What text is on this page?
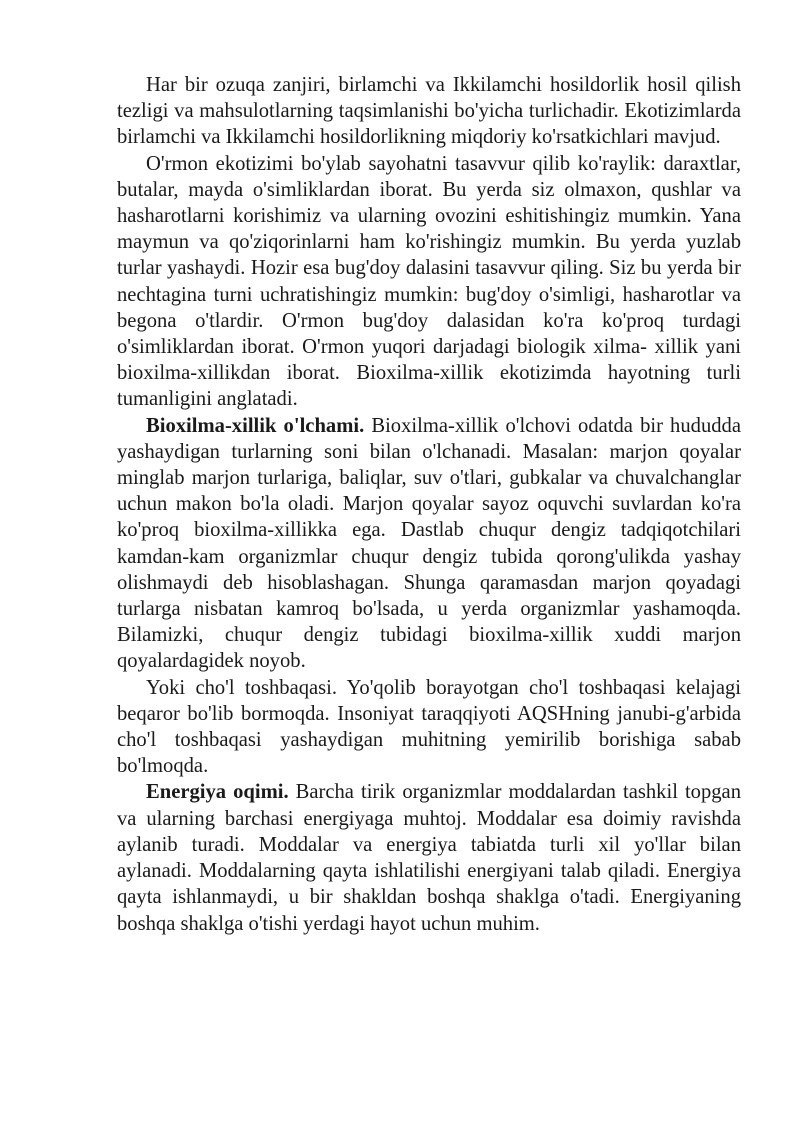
Har bir ozuqa zanjiri, birlamchi va Ikkilamchi hosildorlik hosil qilish tezligi va mahsulotlarning taqsimlanishi bo'yicha turlichadir. Ekotizimlarda birlamchi va Ikkilamchi hosildorlikning miqdoriy ko'rsatkichlari mavjud.

O'rmon ekotizimi bo'ylab sayohatni tasavvur qilib ko'raylik: daraxtlar, butalar, mayda o'simliklardan iborat. Bu yerda siz olmaxon, qushlar va hasharotlarni korishimiz va ularning ovozini eshitishingiz mumkin. Yana maymun va qo'ziqorinlarni ham ko'rishingiz mumkin. Bu yerda yuzlab turlar yashaydi. Hozir esa bug'doy dalasini tasavvur qiling. Siz bu yerda bir nechtagina turni uchratishingiz mumkin: bug'doy o'simligi, hasharotlar va begona o'tlardir. O'rmon bug'doy dalasidan ko'ra ko'proq turdagi o'simliklardan iborat. O'rmon yuqori darjadagi biologik xilma- xillik yani bioxilma-xillikdan iborat. Bioxilma-xillik ekotizimda hayotning turli tumanligini anglatadi.

Bioxilma-xillik o'lchami. Bioxilma-xillik o'lchovi odatda bir hududda yashaydigan turlarning soni bilan o'lchanadi. Masalan: marjon qoyalar minglab marjon turlariga, baliqlar, suv o'tlari, gubkalar va chuvalchanglar uchun makon bo'la oladi. Marjon qoyalar sayoz oquvchi suvlardan ko'ra ko'proq bioxilma-xillikka ega. Dastlab chuqur dengiz tadqiqotchilari kamdan-kam organizmlar chuqur dengiz tubida qorong'ulikda yashay olishmaydi deb hisoblashagan. Shunga qaramasdan marjon qoyadagi turlarga nisbatan kamroq bo'lsada, u yerda organizmlar yashamoqda. Bilamizki, chuqur dengiz tubidagi bioxilma-xillik xuddi marjon qoyalardagidek noyob.

Yoki cho'l toshbaqasi. Yo'qolib borayotgan cho'l toshbaqasi kelajagi beqaror bo'lib bormoqda. Insoniyat taraqqiyoti AQSHning janubi-g'arbida cho'l toshbaqasi yashaydigan muhitning yemirilib borishiga sabab bo'lmoqda.

Energiya oqimi. Barcha tirik organizmlar moddalardan tashkil topgan va ularning barchasi energiyaga muhtoj. Moddalar esa doimiy ravishda aylanib turadi. Moddalar va energiya tabiatda turli xil yo'llar bilan aylanadi. Moddalarning qayta ishlatilishi energiyani talab qiladi. Energiya qayta ishlanmaydi, u bir shakldan boshqa shaklga o'tadi. Energiyaning boshqa shaklga o'tishi yerdagi hayot uchun muhim.
